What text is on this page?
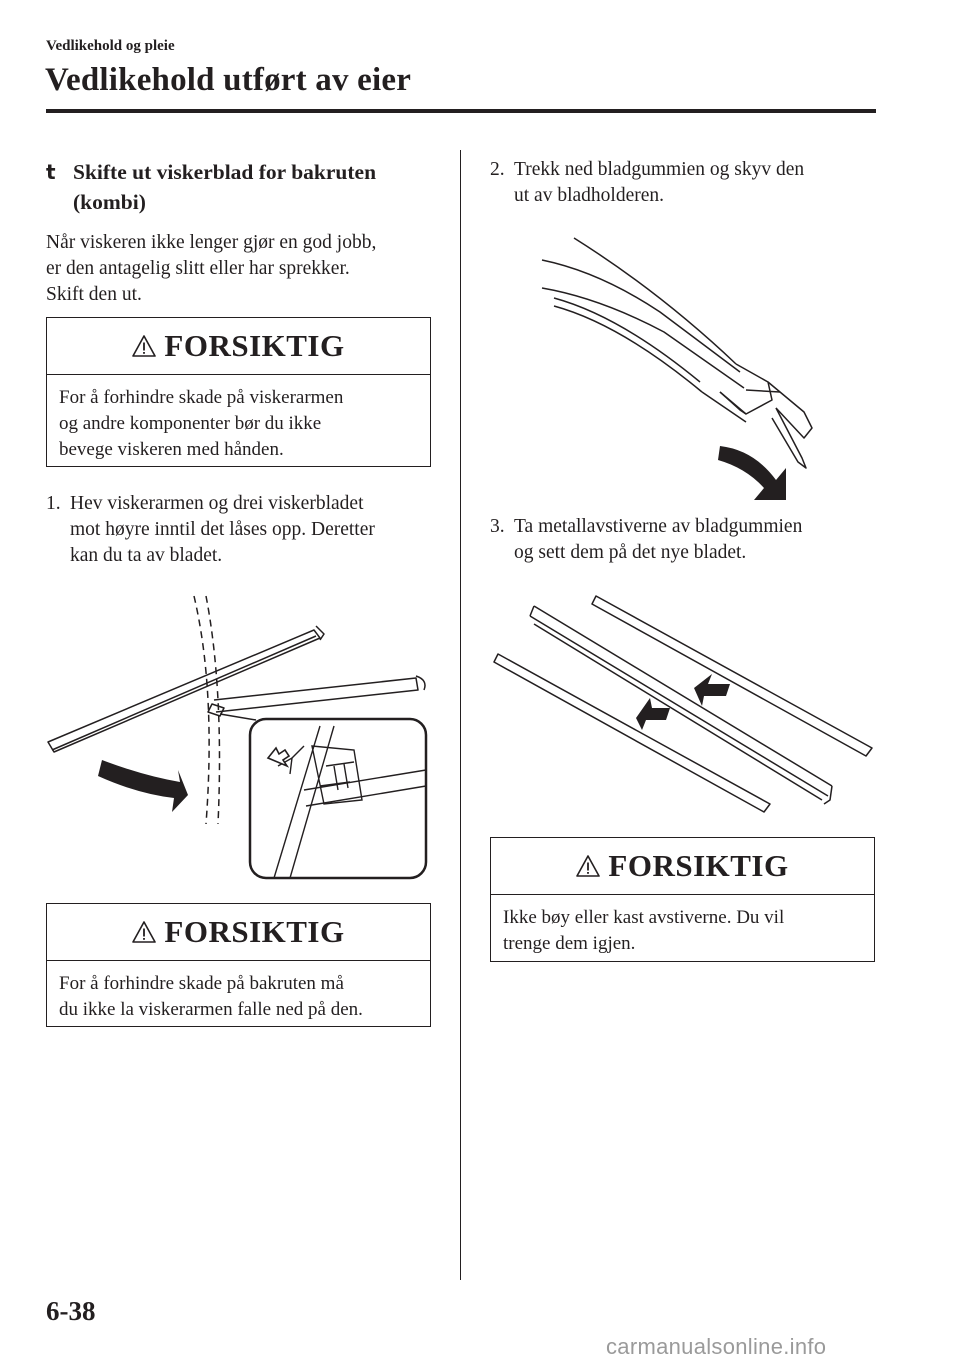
Vedlikehold og pleie
Vedlikehold utført av eier
t Skifte ut viskerblad for bakruten
(kombi)
Når viskeren ikke lenger gjør en god jobb,
er den antagelig slitt eller har sprekker.
Skift den ut.
FORSIKTIG
For å forhindre skade på viskerarmen
og andre komponenter bør du ikke
bevege viskeren med hånden.
1. Hev viskerarmen og drei viskerbladet
mot høyre inntil det låses opp. Deretter
kan du ta av bladet.
FORSIKTIG
For å forhindre skade på bakruten må
du ikke la viskerarmen falle ned på den.
2. Trekk ned bladgummien og skyv den
ut av bladholderen.
3. Ta metallavstiverne av bladgummien
og sett dem på det nye bladet.
FORSIKTIG
Ikke bøy eller kast avstiverne. Du vil
trenge dem igjen.
6-38
carmanualsonline.info
